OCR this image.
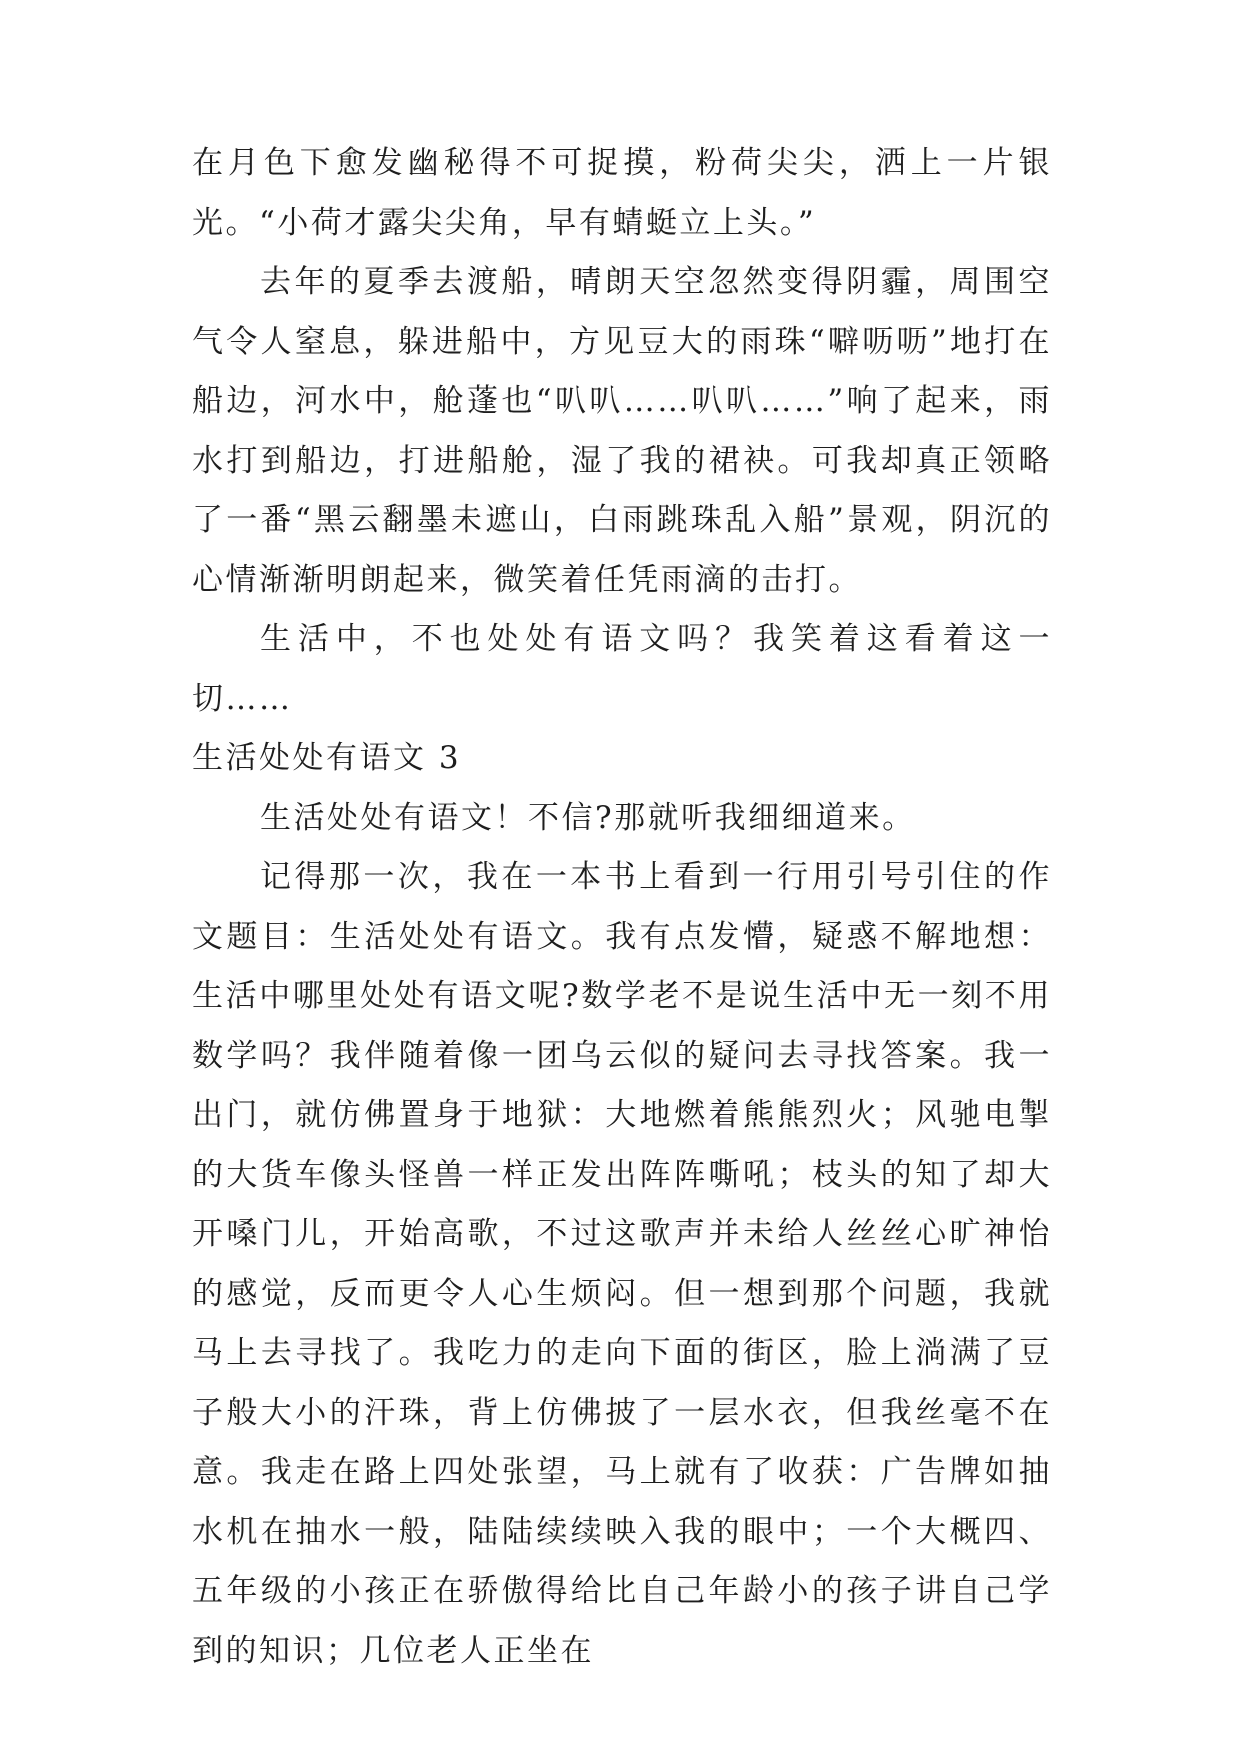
在月色下愈发幽秘得不可捉摸，粉荷尖尖，洒上一片银光。“小荷才露尖尖角，早有蜻蜓立上头。”

去年的夏季去渡船，晴朗天空忽然变得阴霾，周围空气令人窒息，躲进船中，方见豆大的雨珠“噼呖呖”地打在船边，河水中，舱蓬也“叭叭……叭叭……”响了起来，雨水打到船边，打进船舱，湿了我的裙袂。可我却真正领略了一番“黑云翻墨未遮山，白雨跳珠乱入船”景观，阴沉的心情渐渐明朗起来，微笑着任凭雨滴的击打。

生活中，不也处处有语文吗？我笑着这看着这一切……

生活处处有语文 3

生活处处有语文！不信?那就听我细细道来。

记得那一次，我在一本书上看到一行用引号引住的作文题目：生活处处有语文。我有点发懵，疑惑不解地想：生活中哪里处处有语文呢?数学老不是说生活中无一刻不用数学吗？我伴随着像一团乌云似的疑问去寻找答案。我一出门，就仿佛置身于地狱：大地燃着熊熊烈火；风驰电掣的大货车像头怪兽一样正发出阵阵嘶吼；枝头的知了却大开嗓门儿，开始高歌，不过这歌声并未给人丝丝心旷神怡的感觉，反而更令人心生烦闷。但一想到那个问题，我就马上去寻找了。我吃力的走向下面的街区，脸上淌满了豆子般大小的汗珠，背上仿佛披了一层水衣，但我丝毫不在意。我走在路上四处张望，马上就有了收获：广告牌如抽水机在抽水一般，陆陆续续映入我的眼中；一个大概四、五年级的小孩正在骄傲得给比自己年龄小的孩子讲自己学到的知识；几位老人正坐在
